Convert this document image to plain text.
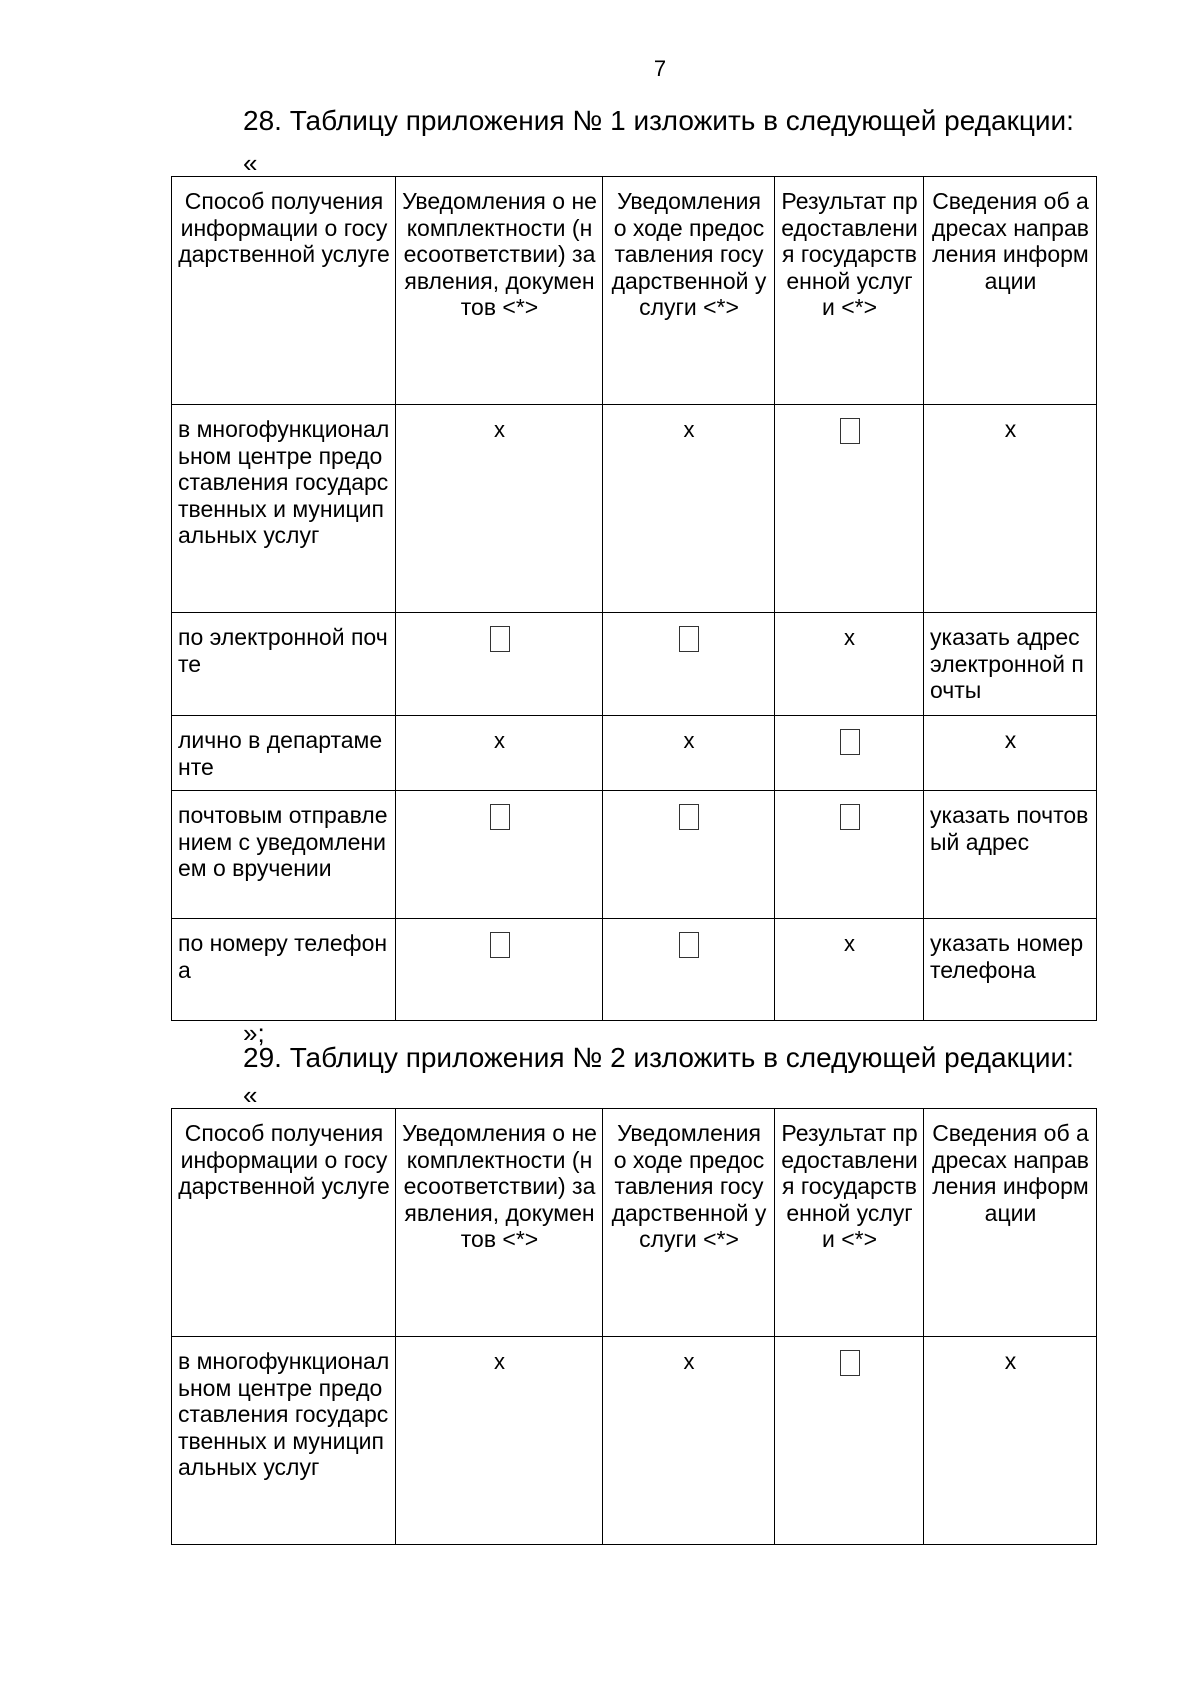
7
28. Таблицу приложения № 1 изложить в следующей редакции:
«
Способ получения информации о государственной услуге	Уведомления о некомплектности (несоответствии) заявления, документов <*>	Уведомления о ходе предоставления государственной услуги <*>	Результат предоставления государственной услуги <*>	Сведения об адресах направления информации
в многофункциональном центре предоставления государственных и муниципальных услуг	x	x		x
по электронной почте			x	указать адрес электронной почты
лично в департаменте	x	x		x
почтовым отправлением с уведомлением о вручении				указать почтовый адрес
по номеру телефона			x	указать номер телефона
»;
29. Таблицу приложения № 2 изложить в следующей редакции:
«
Способ получения информации о государственной услуге	Уведомления о некомплектности (несоответствии) заявления, документов <*>	Уведомления о ходе предоставления государственной услуги <*>	Результат предоставления государственной услуги <*>	Сведения об адресах направления информации
в многофункциональном центре предоставления государственных и муниципальных услуг	x	x		x
